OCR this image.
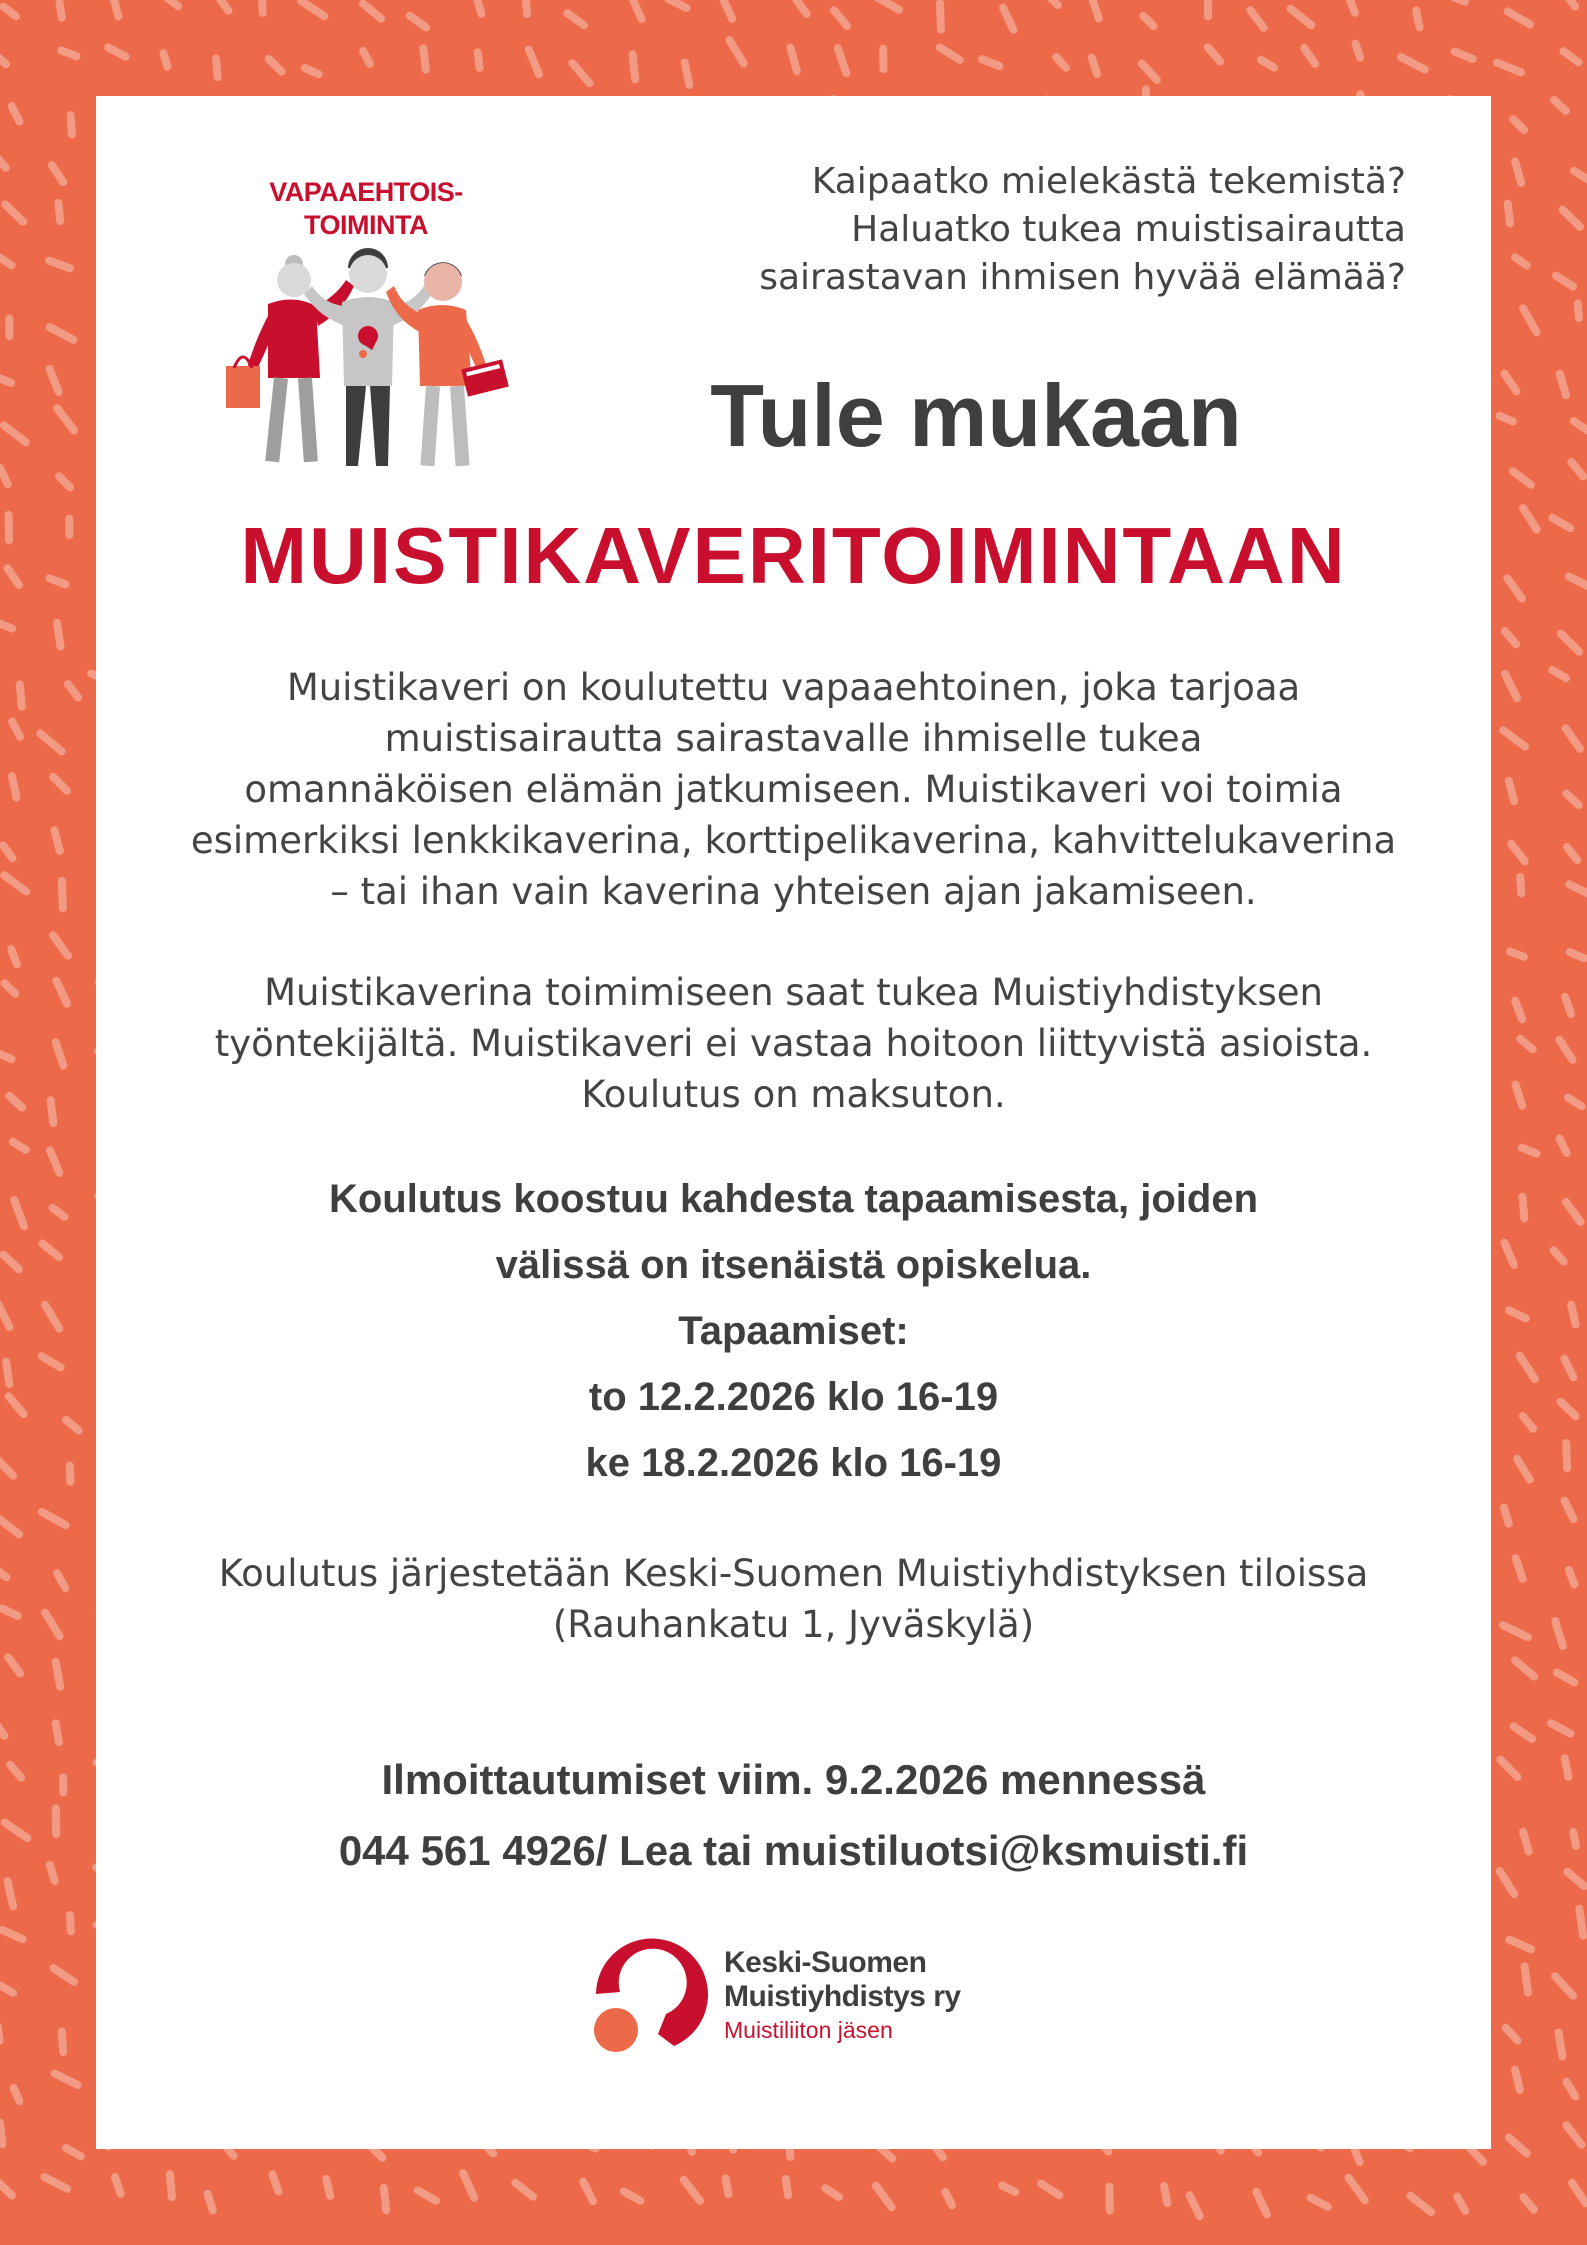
VAPAAEHTOIS-
TOIMINTA
Kaipaatko mielekästä tekemistä?
Haluatko tukea muistisairautta
sairastavan ihmisen hyvää elämää?
Tule mukaan
MUISTIKAVERITOIMINTAAN
Muistikaveri on koulutettu vapaaehtoinen, joka tarjoaa
muistisairautta sairastavalle ihmiselle tukea
omannäköisen elämän jatkumiseen. Muistikaveri voi toimia
esimerkiksi lenkkikaverina, korttipelikaverina, kahvittelukaverina
– tai ihan vain kaverina yhteisen ajan jakamiseen.
Muistikaverina toimimiseen saat tukea Muistiyhdistyksen
työntekijältä. Muistikaveri ei vastaa hoitoon liittyvistä asioista.
Koulutus on maksuton.
Koulutus koostuu kahdesta tapaamisesta, joiden
välissä on itsenäistä opiskelua.
Tapaamiset:
to 12.2.2026 klo 16-19
ke 18.2.2026 klo 16-19
Koulutus järjestetään Keski-Suomen Muistiyhdistyksen tiloissa
(Rauhankatu 1, Jyväskylä)
Ilmoittautumiset viim. 9.2.2026 mennessä
044 561 4926/ Lea tai muistiluotsi@ksmuisti.fi
Keski-Suomen
Muistiyhdistys ry
Muistiliiton jäsen
